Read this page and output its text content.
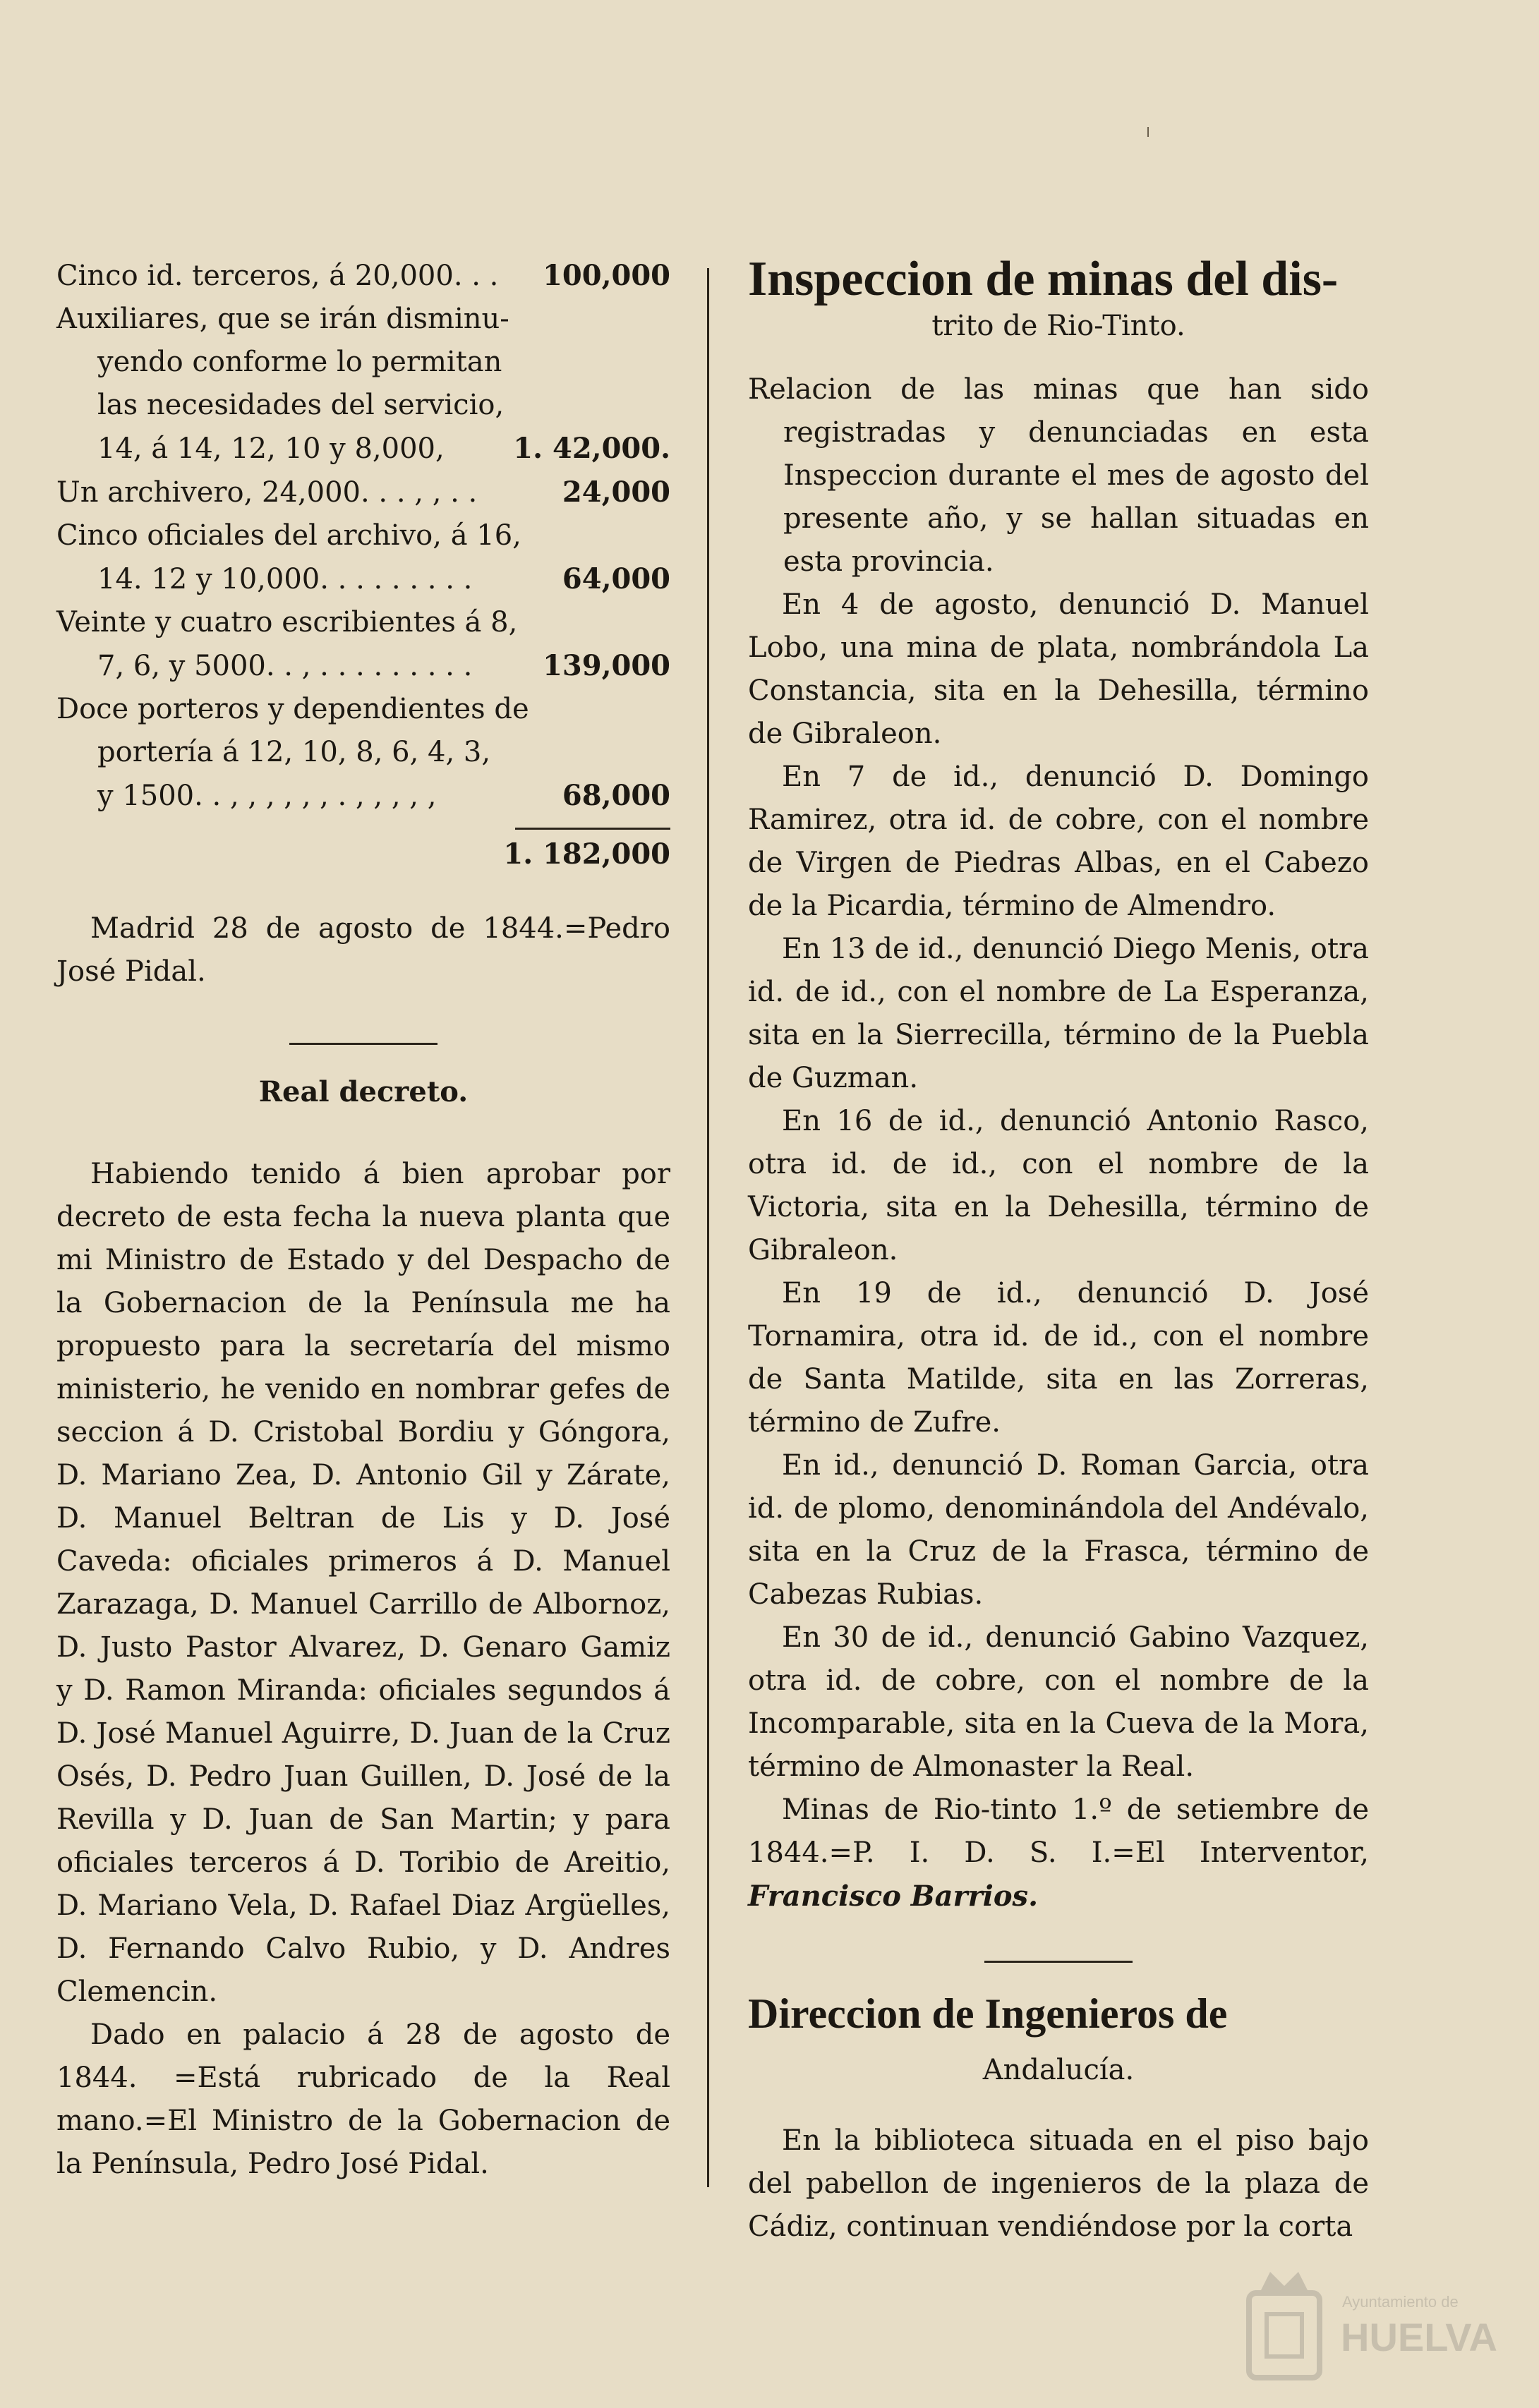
Cinco id. terceros, á 20,000. . . 100,000
Auxiliares, que se irán disminu-
yendo conforme lo permitan
las necesidades del servicio,
14, á 14, 12, 10 y 8,000, 1. 42,000.
Un archivero, 24,000. . . , , . .	24,000
Cinco oficiales del archivo, á 16,
14. 12 y 10,000. . . . . . . . .	64,000
Veinte y cuatro escribientes á 8,
7, 6, y 5000. . , . . . . . . . . . 139,000
Doce porteros y dependientes de
portería á 12, 10, 8, 6, 4, 3,
y 1500. . , , , , , , . , , , , ,	68,000
1. 182,000

Madrid 28 de agosto de 1844.=Pedro José Pidal.

Real decreto.

Habiendo tenido á bien aprobar por decreto de esta fecha la nueva planta que mi Ministro de Estado y del Despacho de la Gobernacion de la Península me ha propuesto para la secretaría del mismo ministerio, he venido en nombrar gefes de seccion á D. Cristobal Bordiu y Góngora, D. Mariano Zea, D. Antonio Gil y Zárate, D. Manuel Beltran de Lis y D. José Caveda: oficiales primeros á D. Manuel Zarazaga, D. Manuel Carrillo de Albornoz, D. Justo Pastor Alvarez, D. Genaro Gamiz y D. Ramon Miranda: oficiales segundos á D. José Manuel Aguirre, D. Juan de la Cruz Osés, D. Pedro Juan Guillen, D. José de la Revilla y D. Juan de San Martin; y para oficiales terceros á D. Toribio de Areitio, D. Mariano Vela, D. Rafael Diaz Argüelles, D. Fernando Calvo Rubio, y D. Andres Clemencin.

Dado en palacio á 28 de agosto de 1844. =Está rubricado de la Real mano.=El Ministro de la Gobernacion de la Península, Pedro José Pidal.

Inspeccion de minas del dis-

trito de Rio-Tinto.

Relacion de las minas que han sido registradas y denunciadas en esta Inspeccion durante el mes de agosto del presente año, y se hallan situadas en esta provincia.

En 4 de agosto, denunció D. Manuel Lobo, una mina de plata, nombrándola La Constancia, sita en la Dehesilla, término de Gibraleon.

En 7 de id., denunció D. Domingo Ramirez, otra id. de cobre, con el nombre de Virgen de Piedras Albas, en el Cabezo de la Picardia, término de Almendro.

En 13 de id., denunció Diego Menis, otra id. de id., con el nombre de La Esperanza, sita en la Sierrecilla, término de la Puebla de Guzman.

En 16 de id., denunció Antonio Rasco, otra id. de id., con el nombre de la Victoria, sita en la Dehesilla, término de Gibraleon.

En 19 de id., denunció D. José Tornamira, otra id. de id., con el nombre de Santa Matilde, sita en las Zorreras, término de Zufre.

En id., denunció D. Roman Garcia, otra id. de plomo, denominándola del Andévalo, sita en la Cruz de la Frasca, término de Cabezas Rubias.

En 30 de id., denunció Gabino Vazquez, otra id. de cobre, con el nombre de la Incomparable, sita en la Cueva de la Mora, término de Almonaster la Real.

Minas de Rio-tinto 1.º de setiembre de 1844.=P. I. D. S. I.=El Interventor, Francisco Barrios.

Direccion de Ingenieros de

Andalucía.

En la biblioteca situada en el piso bajo del pabellon de ingenieros de la plaza de Cádiz, continuan vendiéndose por la corta

Ayuntamiento de
HUELVA
